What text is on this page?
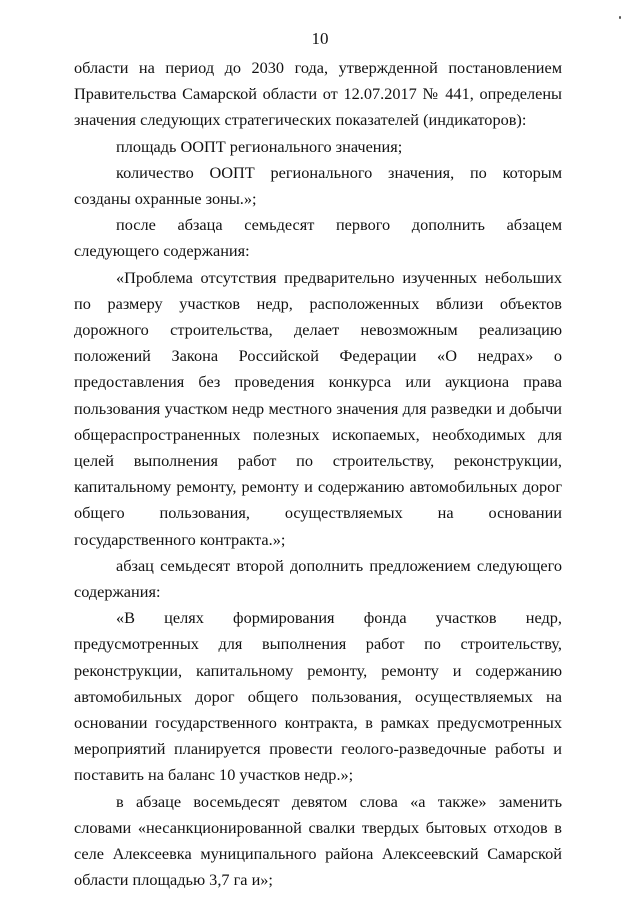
10

области на период до 2030 года, утвержденной постановлением Правительства Самарской области от 12.07.2017 № 441, определены значения следующих стратегических показателей (индикаторов):

площадь ООПТ регионального значения;

количество ООПТ регионального значения, по которым созданы охранные зоны.»;

после абзаца семьдесят первого дополнить абзацем следующего содержания:

«Проблема отсутствия предварительно изученных небольших по размеру участков недр, расположенных вблизи объектов дорожного строительства, делает невозможным реализацию положений Закона Российской Федерации «О недрах» о предоставления без проведения конкурса или аукциона права пользования участком недр местного значения для разведки и добычи общераспространенных полезных ископаемых, необходимых для целей выполнения работ по строительству, реконструкции, капитальному ремонту, ремонту и содержанию автомобильных дорог общего пользования, осуществляемых на основании государственного контракта.»;

абзац семьдесят второй дополнить предложением следующего содержания:

«В целях формирования фонда участков недр, предусмотренных для выполнения работ по строительству, реконструкции, капитальному ремонту, ремонту и содержанию автомобильных дорог общего пользования, осуществляемых на основании государственного контракта, в рамках предусмотренных мероприятий планируется провести геолого-разведочные работы и поставить на баланс 10 участков недр.»;

в абзаце восемьдесят девятом слова «а также» заменить словами «несанкционированной свалки твердых бытовых отходов в селе Алексеевка муниципального района Алексеевский Самарской области площадью 3,7 га и»;
